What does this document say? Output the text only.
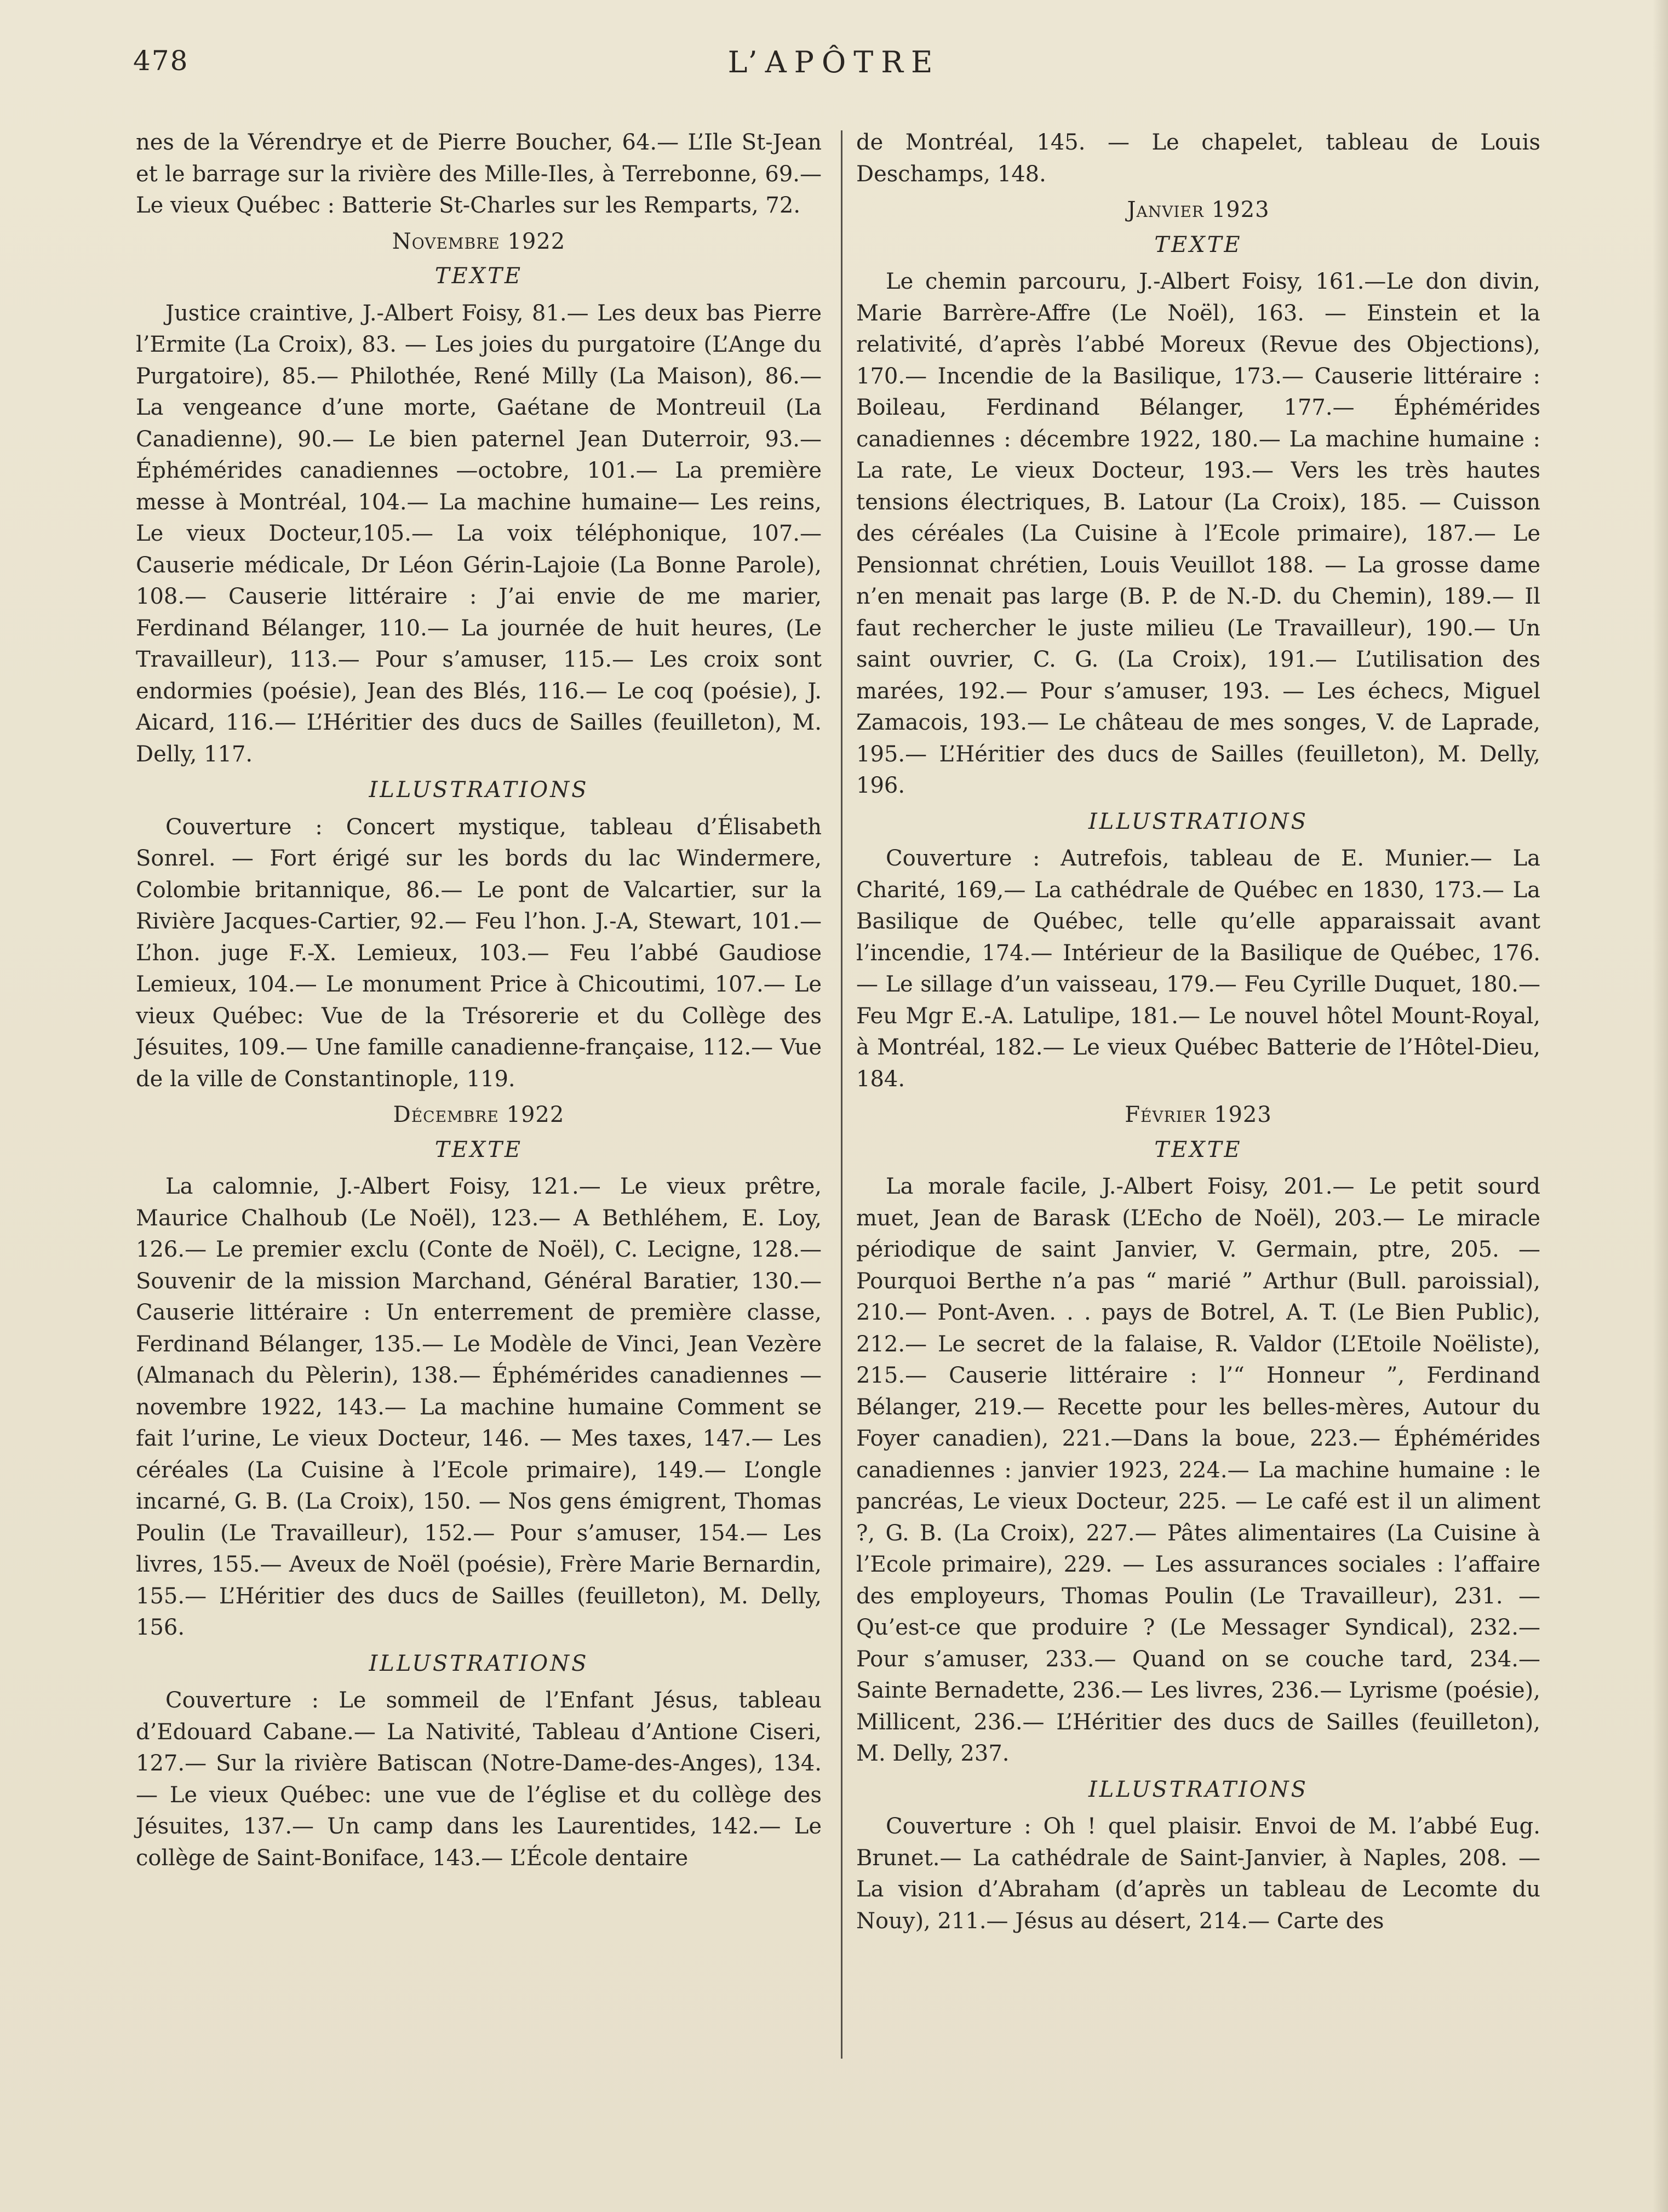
L’APÔTRE
478

nes de la Vérendrye et de Pierre Boucher, 64.— L’Ile St-Jean et le barrage sur la rivière des Mille-Iles, à Terrebonne, 69.— Le vieux Québec : Batterie St-Charles sur les Remparts, 72.

Novembre 1922
TEXTE

Justice craintive, J.-Albert Foisy, 81.— Les deux bas Pierre l’Ermite (La Croix), 83. — Les joies du purgatoire (L’Ange du Purgatoire), 85.— Philothée, René Milly (La Maison), 86.— La vengeance d’une morte, Gaétane de Montreuil (La Canadienne), 90.— Le bien paternel Jean Duterroir, 93.— Éphémérides canadiennes —octobre, 101.— La première messe à Montréal, 104.— La machine humaine— Les reins, Le vieux Docteur,105.— La voix téléphonique, 107.— Causerie médicale, Dr Léon Gérin-Lajoie (La Bonne Parole), 108.— Causerie littéraire : J’ai envie de me marier, Ferdinand Bélanger, 110.— La journée de huit heures, (Le Travailleur), 113.— Pour s’amuser, 115.— Les croix sont endormies (poésie), Jean des Blés, 116.— Le coq (poésie), J. Aicard, 116.— L’Héritier des ducs de Sailles (feuilleton), M. Delly, 117.

ILLUSTRATIONS

Couverture : Concert mystique, tableau d’Élisabeth Sonrel. — Fort érigé sur les bords du lac Windermere, Colombie britannique, 86.— Le pont de Valcartier, sur la Rivière Jacques-Cartier, 92.— Feu l’hon. J.-A, Stewart, 101.— L’hon. juge F.-X. Lemieux, 103.— Feu l’abbé Gaudiose Lemieux, 104.— Le monument Price à Chicoutimi, 107.— Le vieux Québec: Vue de la Trésorerie et du Collège des Jésuites, 109.— Une famille canadienne-française, 112.— Vue de la ville de Constantinople, 119.

Décembre 1922
TEXTE

La calomnie, J.-Albert Foisy, 121.— Le vieux prêtre, Maurice Chalhoub (Le Noël), 123.— A Bethléhem, E. Loy, 126.— Le premier exclu (Conte de Noël), C. Lecigne, 128.— Souvenir de la mission Marchand, Général Baratier, 130.— Causerie littéraire : Un enterrement de première classe, Ferdinand Bélanger, 135.— Le Modèle de Vinci, Jean Vezère (Almanach du Pèlerin), 138.— Éphémérides canadiennes — novembre 1922, 143.— La machine humaine Comment se fait l’urine, Le vieux Docteur, 146. — Mes taxes, 147.— Les céréales (La Cuisine à l’Ecole primaire), 149.— L’ongle incarné, G. B. (La Croix), 150. — Nos gens émigrent, Thomas Poulin (Le Travailleur), 152.— Pour s’amuser, 154.— Les livres, 155.— Aveux de Noël (poésie), Frère Marie Bernardin, 155.— L’Héritier des ducs de Sailles (feuilleton), M. Delly, 156.

ILLUSTRATIONS

Couverture : Le sommeil de l’Enfant Jésus, tableau d’Edouard Cabane.— La Nativité, Tableau d’Antione Ciseri, 127.— Sur la rivière Batiscan (Notre-Dame-des-Anges), 134.— Le vieux Québec: une vue de l’église et du collège des Jésuites, 137.— Un camp dans les Laurentides, 142.— Le collège de Saint-Boniface, 143.— L’École dentaire

de Montréal, 145. — Le chapelet, tableau de Louis Deschamps, 148.

Janvier 1923
TEXTE

Le chemin parcouru, J.-Albert Foisy, 161.—Le don divin, Marie Barrère-Affre (Le Noël), 163. — Einstein et la relativité, d’après l’abbé Moreux (Revue des Objections), 170.— Incendie de la Basilique, 173.— Causerie littéraire : Boileau, Ferdinand Bélanger, 177.— Éphémérides canadiennes : décembre 1922, 180.— La machine humaine : La rate, Le vieux Docteur, 193.— Vers les très hautes tensions électriques, B. Latour (La Croix), 185. — Cuisson des céréales (La Cuisine à l’Ecole primaire), 187.— Le Pensionnat chrétien, Louis Veuillot 188. — La grosse dame n’en menait pas large (B. P. de N.-D. du Chemin), 189.— Il faut rechercher le juste milieu (Le Travailleur), 190.— Un saint ouvrier, C. G. (La Croix), 191.— L’utilisation des marées, 192.— Pour s’amuser, 193. — Les échecs, Miguel Zamacois, 193.— Le château de mes songes, V. de Laprade, 195.— L’Héritier des ducs de Sailles (feuilleton), M. Delly, 196.

ILLUSTRATIONS

Couverture : Autrefois, tableau de E. Munier.— La Charité, 169,— La cathédrale de Québec en 1830, 173.— La Basilique de Québec, telle qu’elle apparaissait avant l’incendie, 174.— Intérieur de la Basilique de Québec, 176. — Le sillage d’un vaisseau, 179.— Feu Cyrille Duquet, 180.— Feu Mgr E.-A. Latulipe, 181.— Le nouvel hôtel Mount-Royal, à Montréal, 182.— Le vieux Québec Batterie de l’Hôtel-Dieu, 184.

Février 1923
TEXTE

La morale facile, J.-Albert Foisy, 201.— Le petit sourd muet, Jean de Barask (L’Echo de Noël), 203.— Le miracle périodique de saint Janvier, V. Germain, ptre, 205. — Pourquoi Berthe n’a pas “ marié ” Arthur (Bull. paroissial), 210.— Pont-Aven. . . pays de Botrel, A. T. (Le Bien Public), 212.— Le secret de la falaise, R. Valdor (L’Etoile Noëliste), 215.— Causerie littéraire : l’“ Honneur ”, Ferdinand Bélanger, 219.— Recette pour les belles-mères, Autour du Foyer canadien), 221.—Dans la boue, 223.— Éphémérides canadiennes : janvier 1923, 224.— La machine humaine : le pancréas, Le vieux Docteur, 225. — Le café est il un aliment ?, G. B. (La Croix), 227.— Pâtes alimentaires (La Cuisine à l’Ecole primaire), 229. — Les assurances sociales : l’affaire des employeurs, Thomas Poulin (Le Travailleur), 231. — Qu’est-ce que produire ? (Le Messager Syndical), 232.— Pour s’amuser, 233.— Quand on se couche tard, 234.— Sainte Bernadette, 236.— Les livres, 236.— Lyrisme (poésie), Millicent, 236.— L’Héritier des ducs de Sailles (feuilleton), M. Delly, 237.

ILLUSTRATIONS

Couverture : Oh ! quel plaisir. Envoi de M. l’abbé Eug. Brunet.— La cathédrale de Saint-Janvier, à Naples, 208. — La vision d’Abraham (d’après un tableau de Lecomte du Nouy), 211.— Jésus au désert, 214.— Carte des
